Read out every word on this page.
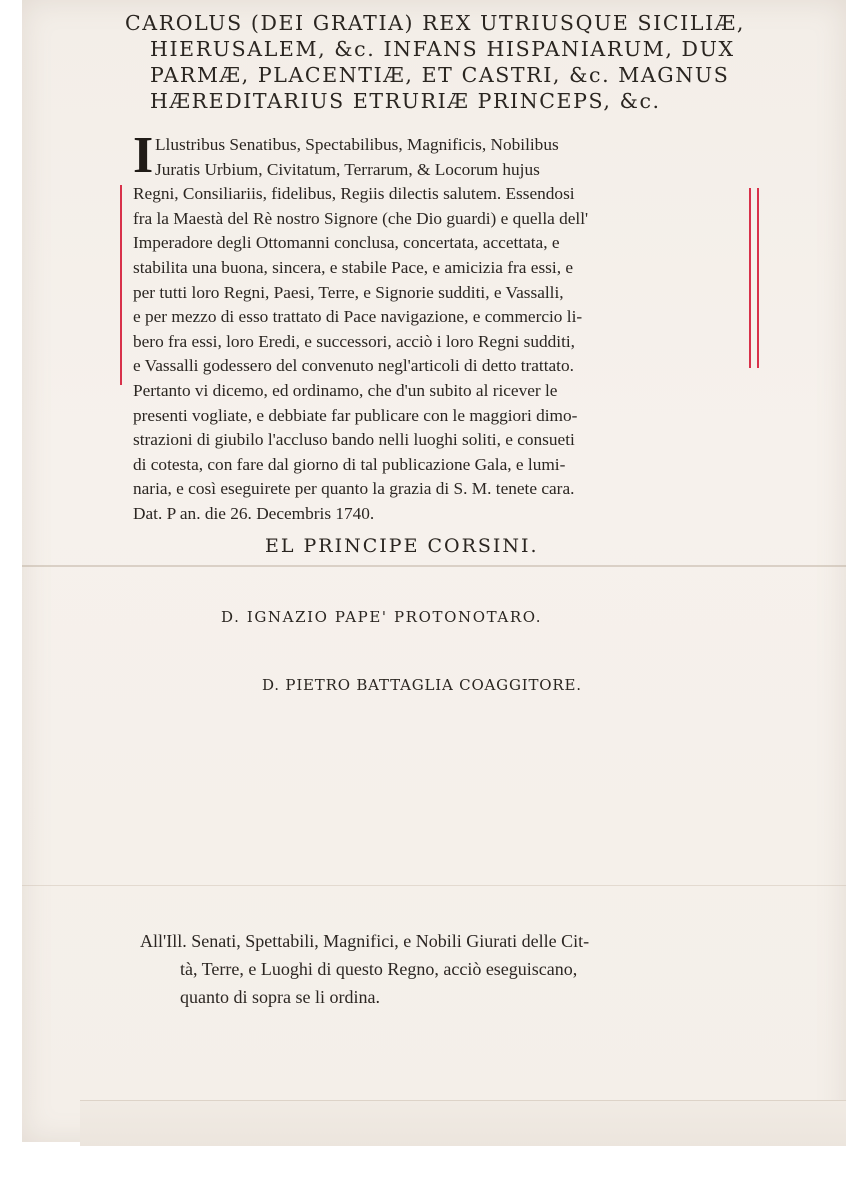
CAROLUS (DEI GRATIA) REX UTRIUSQUE SICILIÆ,
HIERUSALEM, &c. INFANS HISPANIARUM, DUX
PARMÆ, PLACENTIÆ, ET CASTRI, &c. MAGNUS
HÆREDITARIUS ETRURIÆ PRINCEPS, &c.
I Llustribus Senatibus, Spectabilibus, Magnificis, Nobilibus
Juratis Urbium, Civitatum, Terrarum, & Locorum hujus
Regni, Consiliariis, fidelibus, Regiis dilectis salutem. Essendosi
fra la Maestà del Rè nostro Signore (che Dio guardi) e quella dell'
Imperadore degli Ottomanni conclusa, concertata, accettata, e
stabilita una buona, sincera, e stabile Pace, e amicizia fra essi, e
per tutti loro Regni, Paesi, Terre, e Signorie sudditi, e Vassalli,
e per mezzo di esso trattato di Pace navigazione, e commercio li-
bero fra essi, loro Eredi, e successori, acciò i loro Regni sudditi,
e Vassalli godessero del convenuto negl'articoli di detto trattato.
Pertanto vi dicemo, ed ordinamo, che d'un subito al ricever le
presenti vogliate, e debbiate far publicare con le maggiori dimo-
strazioni di giubilo l'accluso bando nelli luoghi soliti, e consueti
di cotesta, con fare dal giorno di tal publicazione Gala, e lumi-
naria, e così eseguirete per quanto la grazia di S. M. tenete cara.
Dat. P an. die 26. Decembris 1740.
EL PRINCIPE CORSINI.
D. IGNAZIO PAPE' PROTONOTARO.
D. PIETRO BATTAGLIA COAGGITORE.
All'Ill. Senati, Spettabili, Magnifici, e Nobili Giurati delle Cit-
tà, Terre, e Luoghi di questo Regno, acciò eseguiscano,
quanto di sopra se li ordina.
